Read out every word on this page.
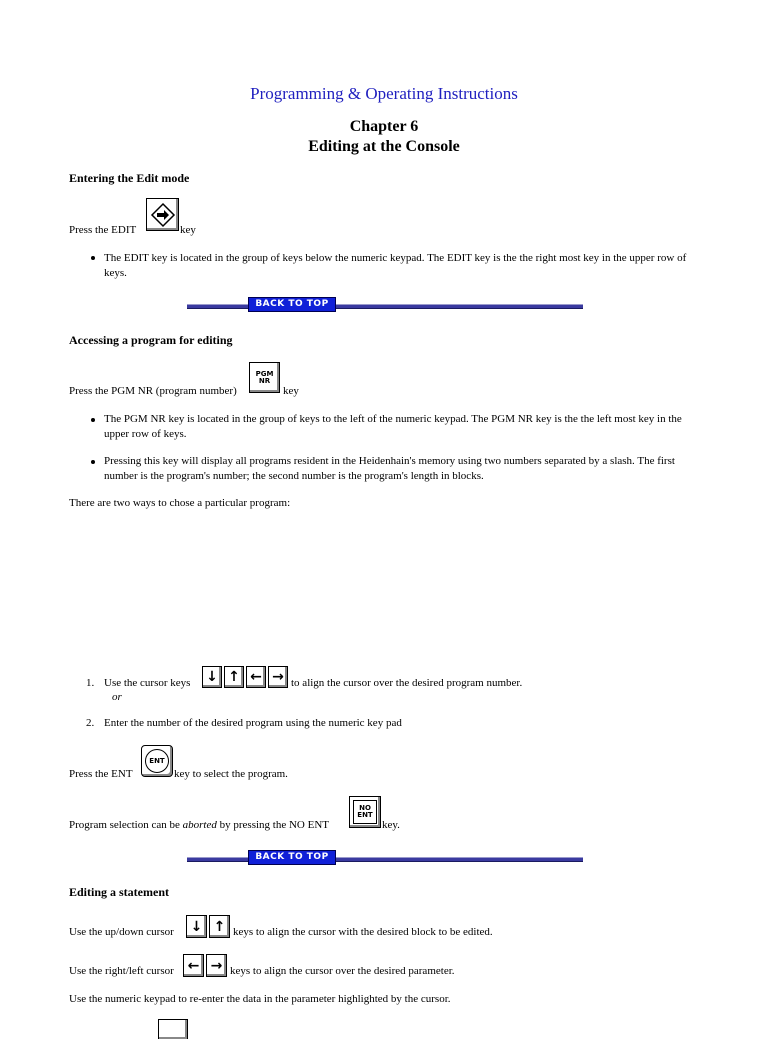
Programming & Operating Instructions
Chapter 6
Editing at the Console
Entering the Edit mode
Press the EDIT	key
The EDIT key is located in the group of keys below the numeric keypad. The EDIT key is the the right most key in the upper row of keys.
BACK TO TOP
Accessing a program for editing
Press the PGM NR (program number)
PGM
NR
key
The PGM NR key is located in the group of keys to the left of the numeric keypad. The PGM NR key is the the left most key in the upper row of keys.
Pressing this key will display all programs resident in the Heidenhain's memory using two numbers separated by a slash. The first number is the program's number; the second number is the program's length in blocks.
There are two ways to chose a particular program:
1. Use the cursor keys ↓ ↑ ← → to align the cursor over the desired program number.
or
2. Enter the number of the desired program using the numeric key pad
Press the ENT
ENT
key to select the program.
Program selection can be aborted by pressing the NO ENT
NO
ENT
key.
BACK TO TOP
Editing a statement
Use the up/down cursor ↓ ↑ keys to align the cursor with the desired block to be edited.
Use the right/left cursor ← → keys to align the cursor over the desired parameter.
Use the numeric keypad to re-enter the data in the parameter highlighted by the cursor.
